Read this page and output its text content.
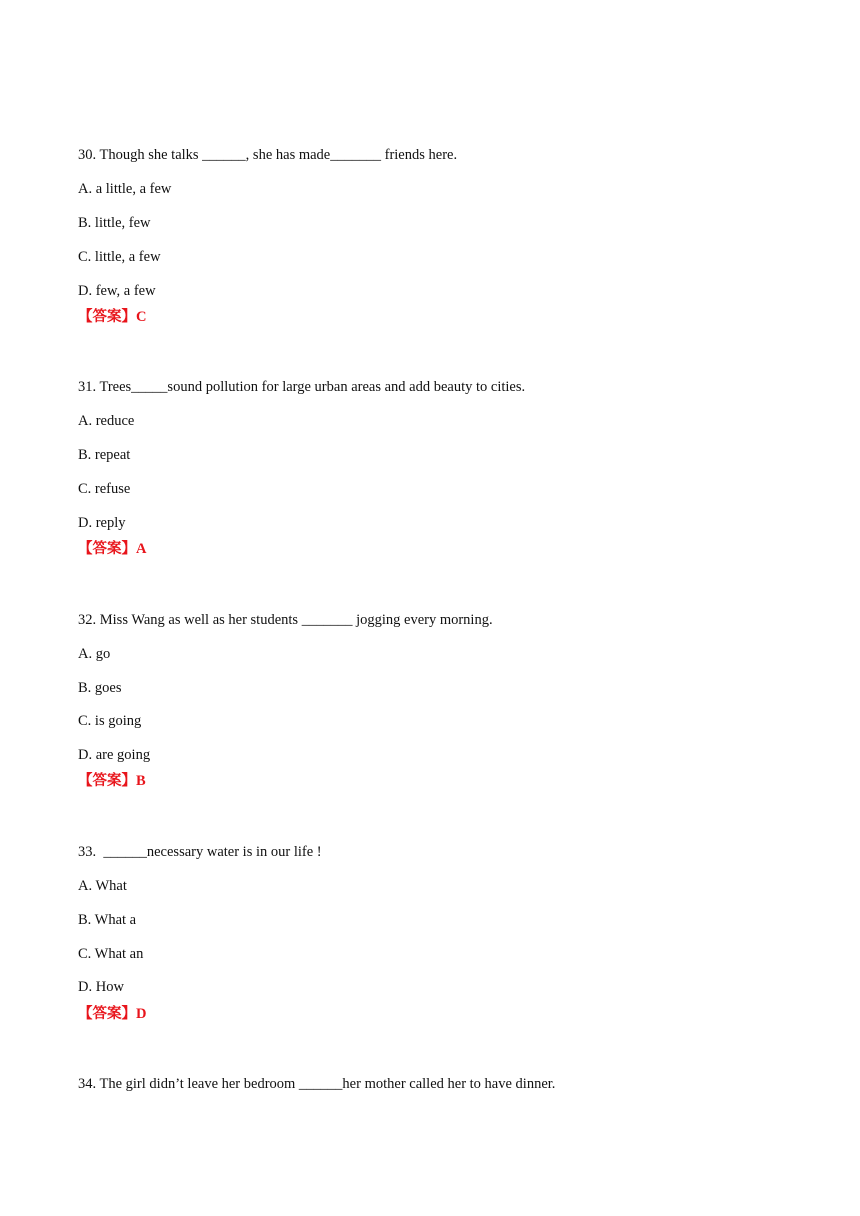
30. Though she talks ______, she has made_______ friends here.

A. a little, a few

B. little, few

C. little, a few

D. few, a few

【答案】C

31. Trees_____sound pollution for large urban areas and add beauty to cities.

A. reduce

B. repeat

C. refuse

D. reply

【答案】A

32. Miss Wang as well as her students _______ jogging every morning.

A. go

B. goes

C. is going

D. are going

【答案】B

33.  ______necessary water is in our life !

A. What

B. What a

C. What an

D. How

【答案】D

34. The girl didn’t leave her bedroom ______her mother called her to have dinner.
